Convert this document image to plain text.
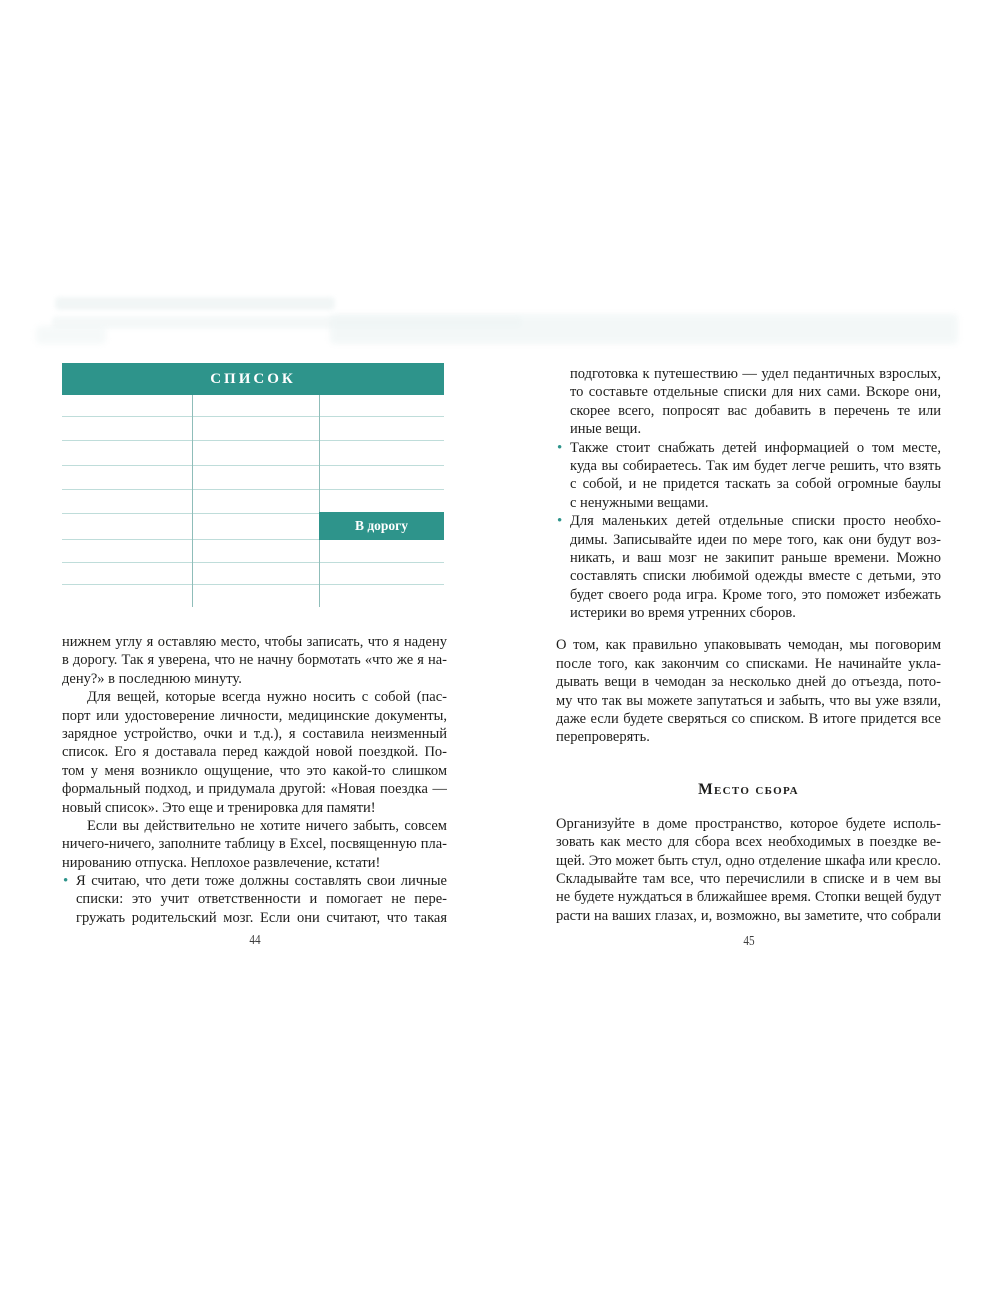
СПИСОК
В дорогу
нижнем углу я оставляю место, чтобы записать, что я надену
в дорогу. Так я уверена, что не начну бормотать «что же я на-
дену?» в последнюю минуту.
Для вещей, которые всегда нужно носить с собой (пас-
порт или удостоверение личности, медицинские документы,
зарядное устройство, очки и т.д.), я составила неизменный
список. Его я доставала перед каждой новой поездкой. По-
том у меня возникло ощущение, что это какой-то слишком
формальный подход, и придумала другой: «Новая поездка —
новый список». Это еще и тренировка для памяти!
Если вы действительно не хотите ничего забыть, совсем
ничего-ничего, заполните таблицу в Excel, посвященную пла-
нированию отпуска. Неплохое развлечение, кстати!
• Я считаю, что дети тоже должны составлять свои личные
списки: это учит ответственности и помогает не пере-
гружать родительский мозг. Если они считают, что такая
подготовка к путешествию — удел педантичных взрослых,
то составьте отдельные списки для них сами. Вскоре они,
скорее всего, попросят вас добавить в перечень те или
иные вещи.
• Также стоит снабжать детей информацией о том месте,
куда вы собираетесь. Так им будет легче решить, что взять
с собой, и не придется таскать за собой огромные баулы
с ненужными вещами.
• Для маленьких детей отдельные списки просто необхо-
димы. Записывайте идеи по мере того, как они будут воз-
никать, и ваш мозг не закипит раньше времени. Можно
составлять списки любимой одежды вместе с детьми, это
будет своего рода игра. Кроме того, это поможет избежать
истерики во время утренних сборов.
О том, как правильно упаковывать чемодан, мы поговорим
после того, как закончим со списками. Не начинайте укла-
дывать вещи в чемодан за несколько дней до отъезда, пото-
му что так вы можете запутаться и забыть, что вы уже взяли,
даже если будете сверяться со списком. В итоге придется все
перепроверять.
Место сбора
Организуйте в доме пространство, которое будете исполь-
зовать как место для сбора всех необходимых в поездке ве-
щей. Это может быть стул, одно отделение шкафа или кресло.
Складывайте там все, что перечислили в списке и в чем вы
не будете нуждаться в ближайшее время. Стопки вещей будут
расти на ваших глазах, и, возможно, вы заметите, что собрали
44	45
